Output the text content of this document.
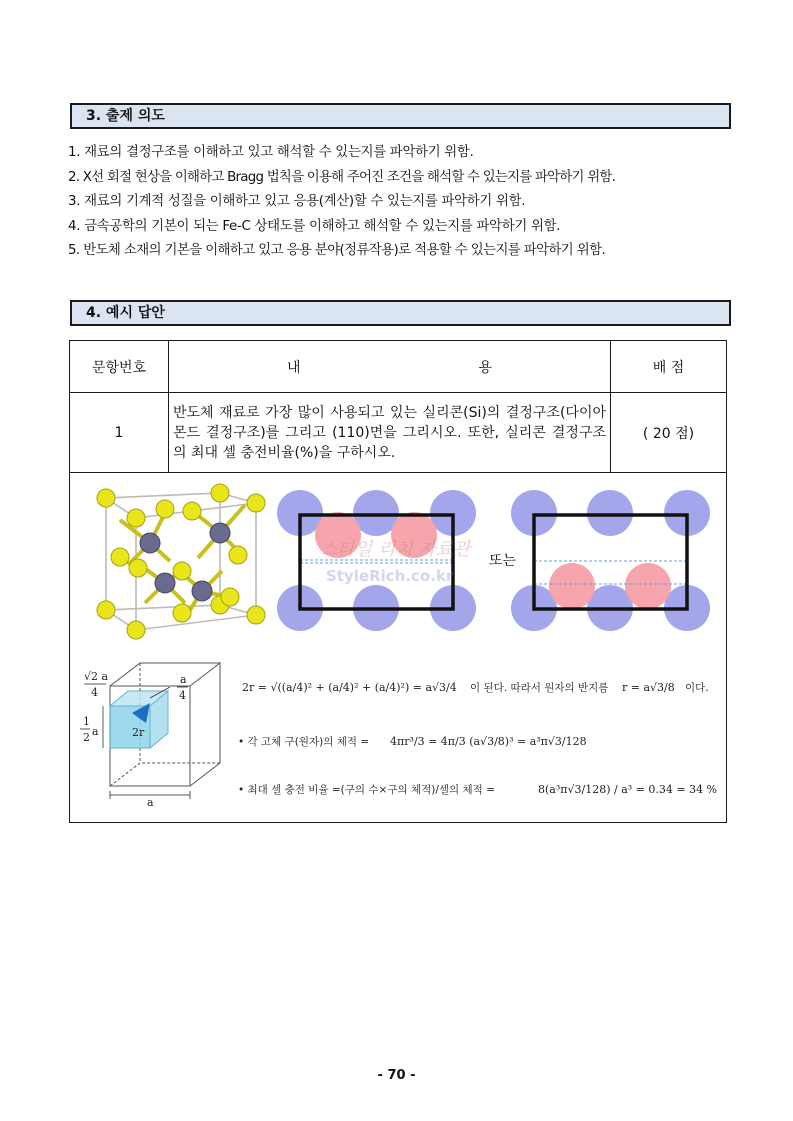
3. 출제 의도
1. 재료의 결정구조를 이해하고 있고 해석할 수 있는지를 파악하기 위함.
2. X선 회절 현상을 이해하고 Bragg 법칙을 이용해 주어진 조건을 해석할 수 있는지를 파악하기 위함.
3. 재료의 기계적 성질을 이해하고 있고 응용(계산)할 수 있는지를 파악하기 위함.
4. 금속공학의 기본이 되는 Fe-C 상태도를 이해하고 해석할 수 있는지를 파악하기 위함.
5. 반도체 소재의 기본을 이해하고 있고 응용 분야(정류작용)로 적용할 수 있는지를 파악하기 위함.
4. 예시 답안
문항번호	내 용	배 점
1	반도체 재료로 가장 많이 사용되고 있는 실리콘(Si)의 결정구조(다이아몬드 결정구조)를 그리고 (110)면을 그리시오. 또한, 실리콘 결정구조의 최대 셀 충전비율(%)을 구하시오.	( 20 점)
또는
스타일 리치 자료관
StyleRich.co.kr
√2 a
4
a
4
1
2 a	2r
a
2r = √((a/4)² + (a/4)² + (a/4)²) = a√3/4 이 된다. 따라서 원자의 반지름 r = a√3/8 이다.
• 각 고체 구(원자)의 체적 = 4πr³/3 = 4π/3 (a√3/8)³ = a³π√3/128
• 최대 셀 충전 비율 =(구의 수×구의 체적)/셀의 체적 =	8(a³π√3/128) / a³ = 0.34 = 34 %
- 70 -
